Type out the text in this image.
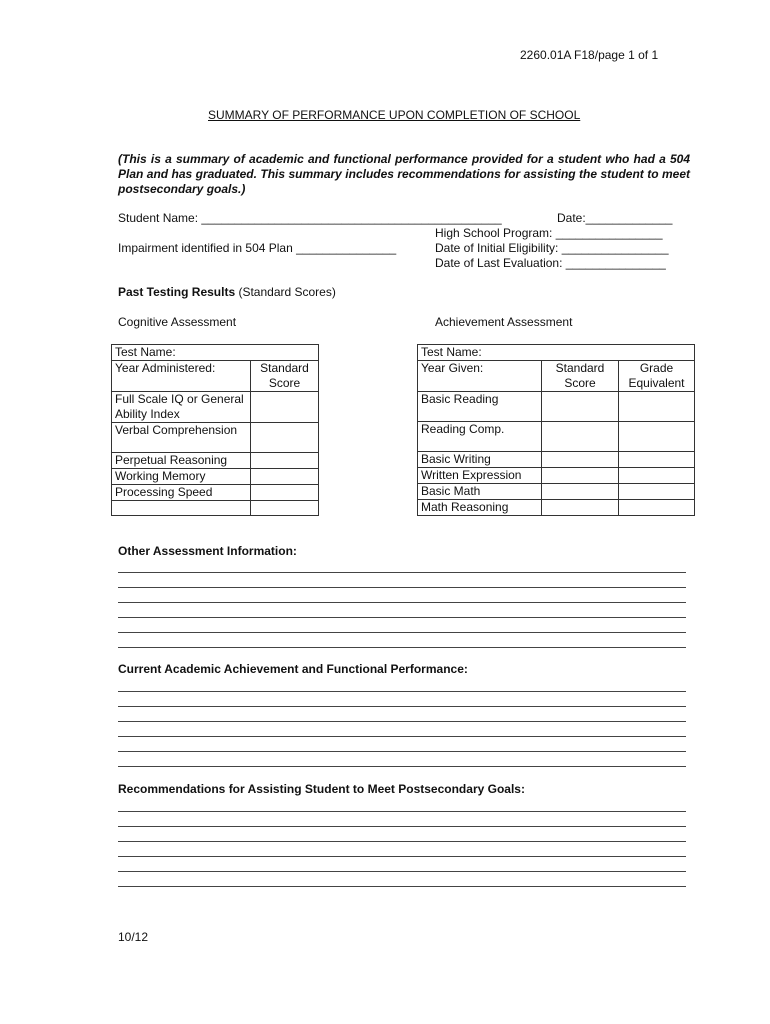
2260.01A F18/page 1 of 1
SUMMARY OF PERFORMANCE UPON COMPLETION OF SCHOOL
(This is a summary of academic and functional performance provided for a student who had a 504 Plan and has graduated. This summary includes recommendations for assisting the student to meet postsecondary goals.)
Student Name: _____________________________________________	Date:_____________
High School Program: ________________
Impairment identified in 504 Plan _______________	Date of Initial Eligibility: ________________
Date of Last Evaluation: _______________
Past Testing Results (Standard Scores)
Cognitive Assessment	Achievement Assessment
Test Name:	
Year Administered:	Standard Score
Full Scale IQ or General Ability Index	
Verbal Comprehension	
Perpetual Reasoning	
Working Memory	
Processing Speed	

Test Name:		
Year Given:	Standard Score	Grade Equivalent
Basic Reading		
Reading Comp.		
Basic Writing		
Written Expression		
Basic Math		
Math Reasoning		
Other Assessment Information:
Current Academic Achievement and Functional Performance:
Recommendations for Assisting Student to Meet Postsecondary Goals:
10/12
